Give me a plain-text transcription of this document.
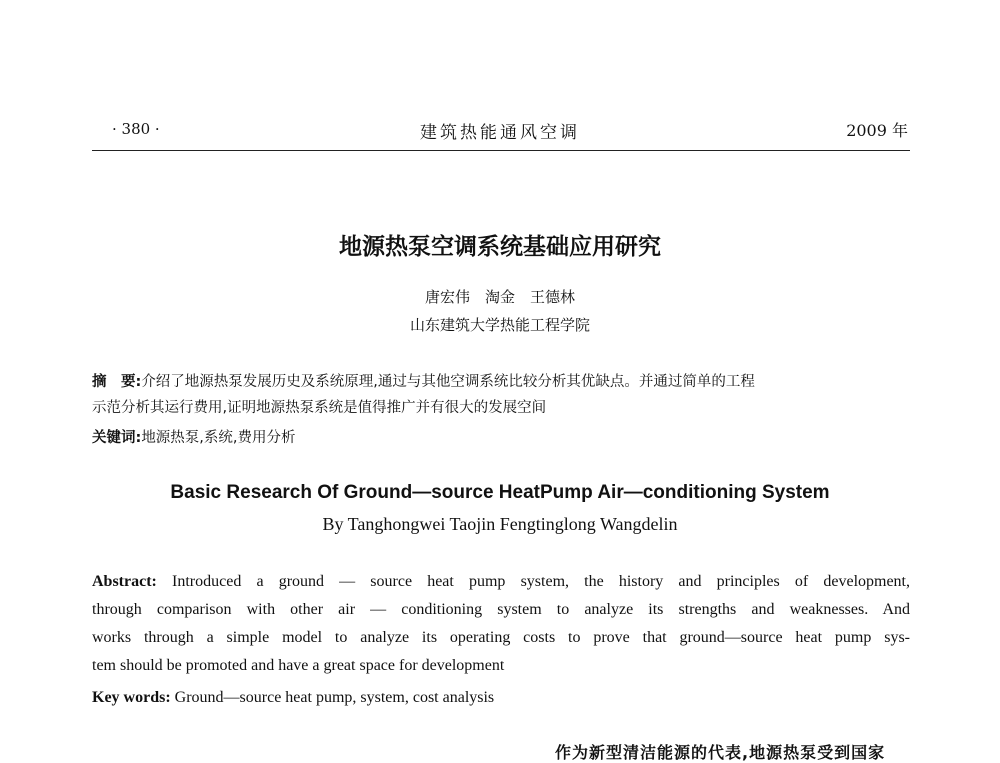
· 380 ·	建筑热能通风空调	2009 年
地源热泵空调系统基础应用研究
唐宏伟　淘金　王德林
山东建筑大学热能工程学院
摘　要:介绍了地源热泵发展历史及系统原理,通过与其他空调系统比较分析其优缺点。并通过简单的工程
示范分析其运行费用,证明地源热泵系统是值得推广并有很大的发展空间
关键词:地源热泵,系统,费用分析
Basic Research Of Ground—source HeatPump Air—conditioning System
By Tanghongwei Taojin Fengtinglong Wangdelin
Abstract: Introduced a ground — source heat pump system, the history and principles of development,
through comparison with other air — conditioning system to analyze its strengths and weaknesses. And
works through a simple model to analyze its operating costs to prove that ground—source heat pump sys-
tem should be promoted and have a great space for development
Key words: Ground—source heat pump, system, cost analysis
作为新型清洁能源的代表,地源热泵受到国家
